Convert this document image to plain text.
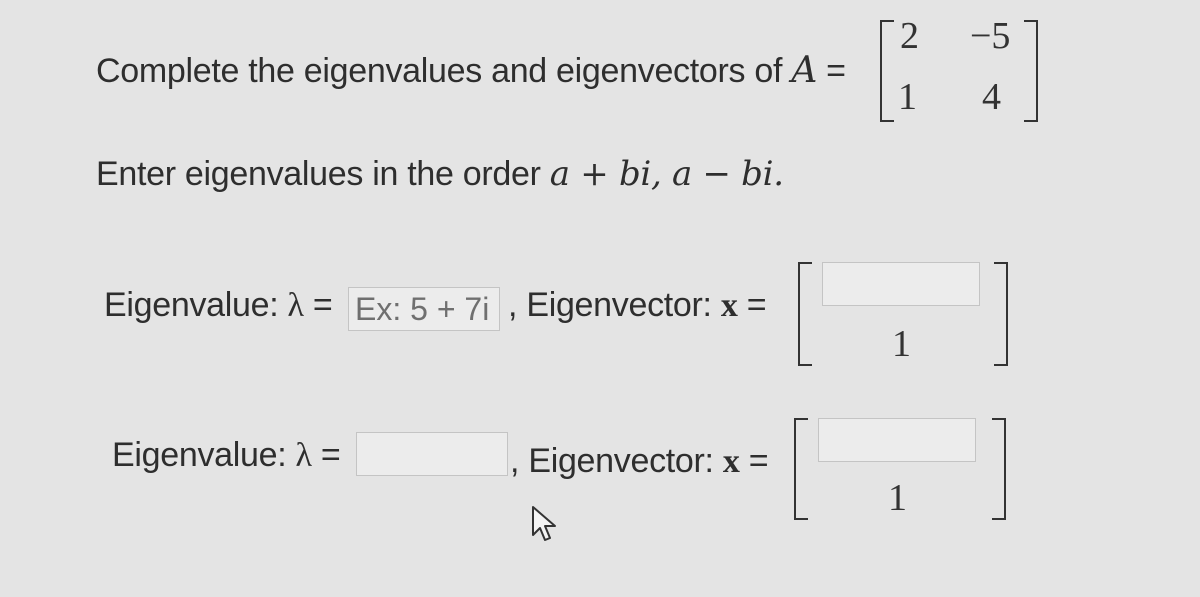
Complete the eigenvalues and eigenvectors of A =
2 −5
1 4
Enter eigenvalues in the order a + bi, a − bi.
Eigenvalue: λ =
Ex: 5 + 7i	, Eigenvector: x =
1
Eigenvalue: λ =	, Eigenvector: x =
1
